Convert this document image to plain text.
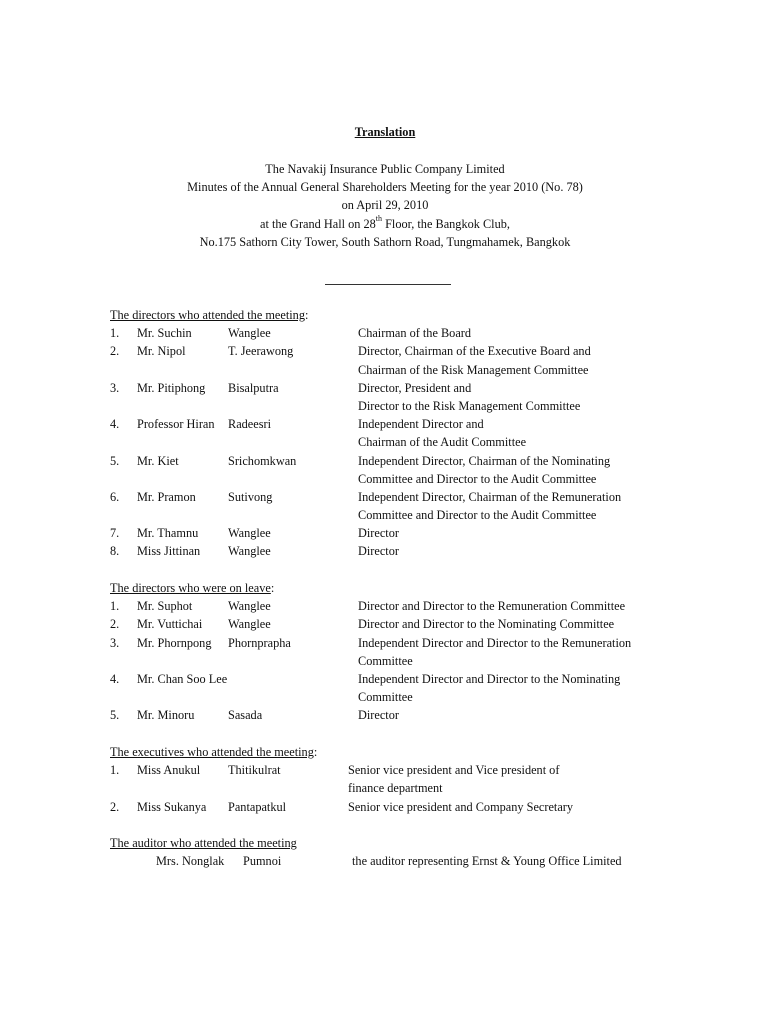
Translation
The Navakij Insurance Public Company Limited
Minutes of the Annual General Shareholders Meeting for the year 2010 (No. 78)
on April 29, 2010
at the Grand Hall on 28th Floor, the Bangkok Club,
No.175 Sathorn City Tower, South Sathorn Road, Tungmahamek, Bangkok
The directors who attended the meeting:
1. Mr. Suchin	Wanglee	Chairman of the Board
2. Mr. Nipol	T. Jeerawong	Director, Chairman of the Executive Board and
Chairman of the Risk Management Committee
3. Mr. Pitiphong Bisalputra	Director, President and
Director to the Risk Management Committee
4. Professor Hiran Radeesri	Independent Director and
Chairman of the Audit Committee
5. Mr. Kiet	Srichomkwan	Independent Director, Chairman of the Nominating
Committee and Director to the Audit Committee
6. Mr. Pramon	Sutivong	Independent Director, Chairman of the Remuneration
Committee and Director to the Audit Committee
7. Mr. Thamnu Wanglee	Director
8. Miss Jittinan Wanglee	Director
The directors who were on leave:
1. Mr. Suphot	Wanglee	Director and Director to the Remuneration Committee
2. Mr. Vuttichai Wanglee	Director and Director to the Nominating Committee
3. Mr. Phornpong Phornprapha	Independent Director and Director to the Remuneration
Committee
4. Mr. Chan Soo Lee	Independent Director and Director to the Nominating
Committee
5. Mr. Minoru	Sasada	Director
The executives who attended the meeting:
1. Miss Anukul Thitikulrat	Senior vice president and Vice president of
finance department
2. Miss Sukanya Pantapatkul	Senior vice president and Company Secretary
The auditor who attended the meeting
Mrs. Nonglak Pumnoi	the auditor representing Ernst & Young Office Limited
